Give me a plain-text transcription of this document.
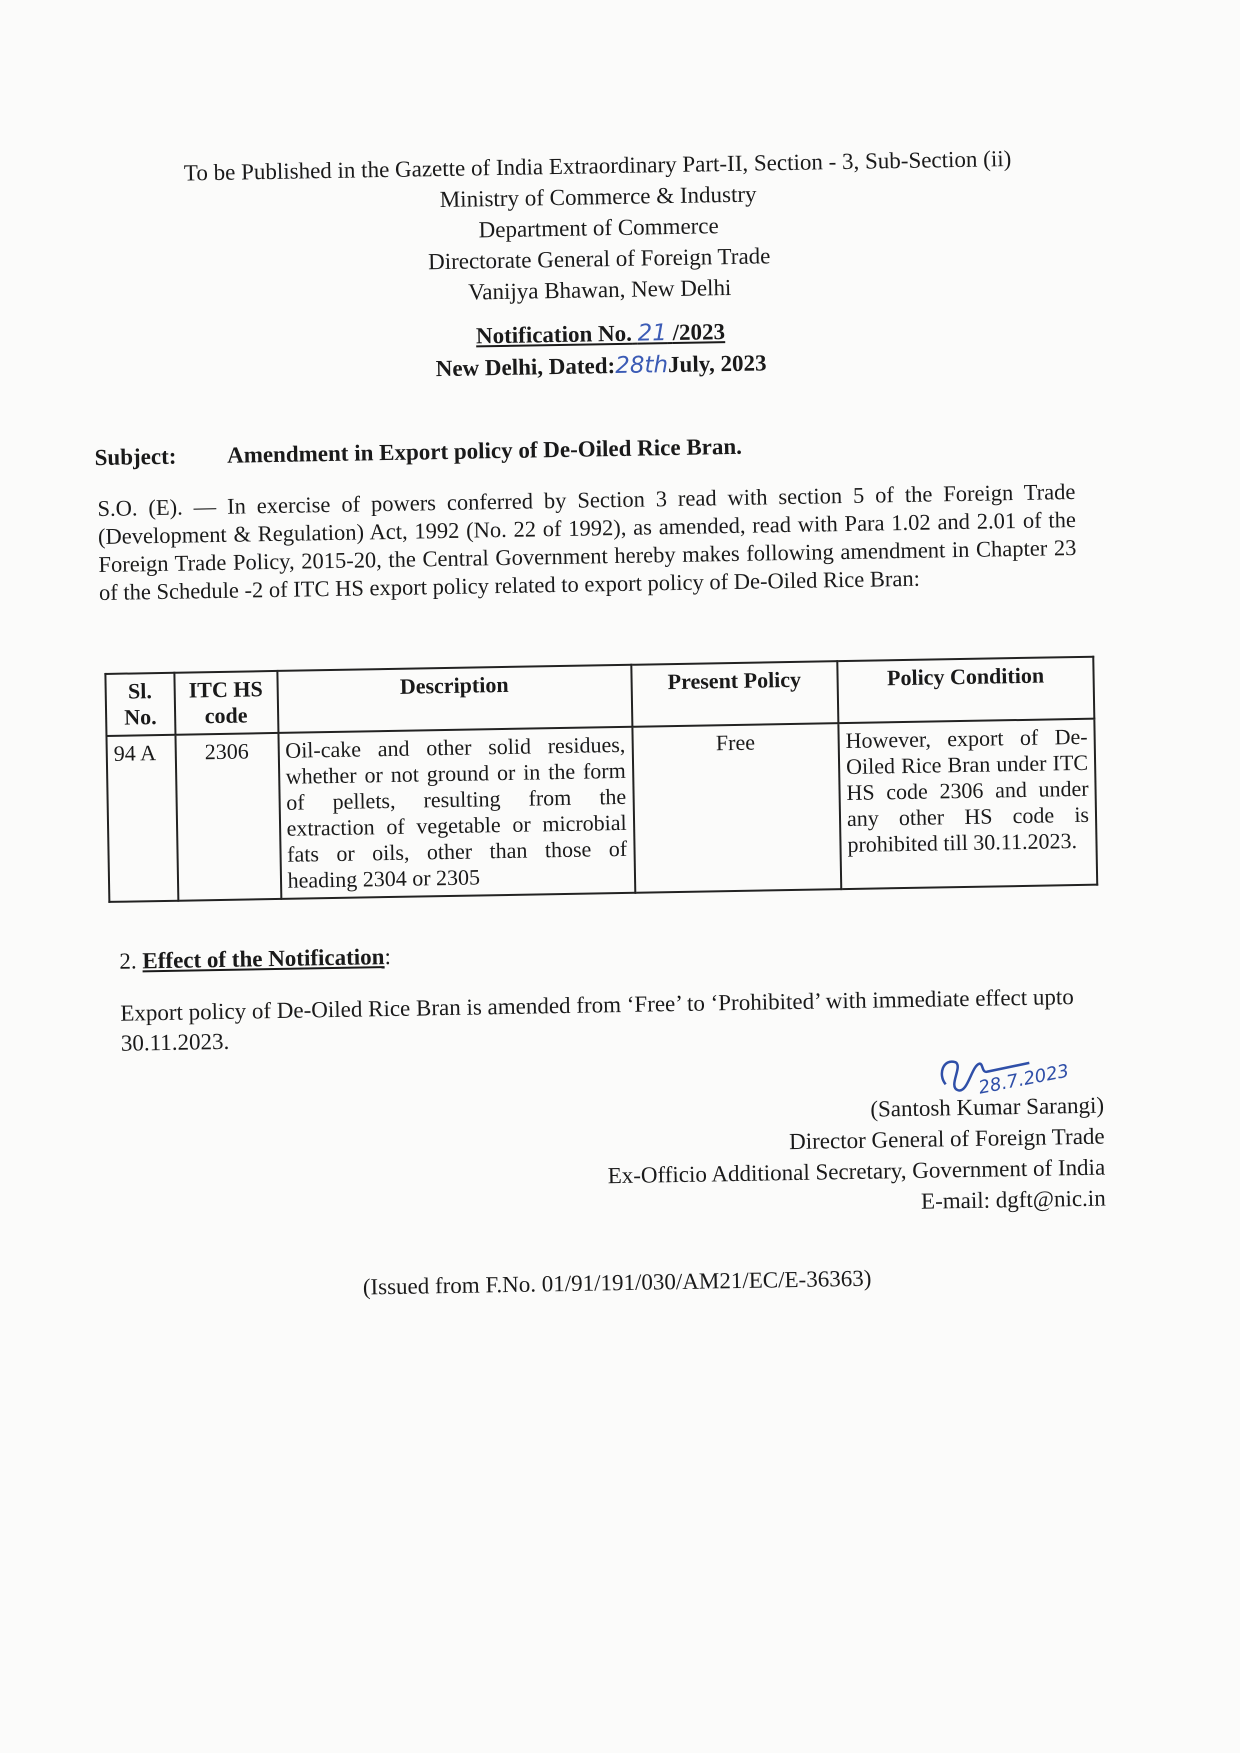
To be Published in the Gazette of India Extraordinary Part-II, Section - 3, Sub-Section (ii)
Ministry of Commerce & Industry
Department of Commerce
Directorate General of Foreign Trade
Vanijya Bhawan, New Delhi
Notification No. 21 /2023
New Delhi, Dated:28thJuly, 2023
Subject: Amendment in Export policy of De-Oiled Rice Bran.
S.O. (E). — In exercise of powers conferred by Section 3 read with section 5 of the Foreign Trade (Development & Regulation) Act, 1992 (No. 22 of 1992), as amended, read with Para 1.02 and 2.01 of the Foreign Trade Policy, 2015-20, the Central Government hereby makes following amendment in Chapter 23 of the Schedule -2 of ITC HS export policy related to export policy of De-Oiled Rice Bran:
Sl. No.	ITC HS code	Description	Present Policy	Policy Condition
94 A	2306	Oil-cake and other solid residues, whether or not ground or in the form of pellets, resulting from the extraction of vegetable or microbial fats or oils, other than those of heading 2304 or 2305	Free	However, export of De-Oiled Rice Bran under ITC HS code 2306 and under any other HS code is prohibited till 30.11.2023.
2. Effect of the Notification:
Export policy of De-Oiled Rice Bran is amended from ‘Free’ to ‘Prohibited’ with immediate effect upto 30.11.2023.
28.7.2023
(Santosh Kumar Sarangi)
Director General of Foreign Trade
Ex-Officio Additional Secretary, Government of India
E-mail: dgft@nic.in
(Issued from F.No. 01/91/191/030/AM21/EC/E-36363)
